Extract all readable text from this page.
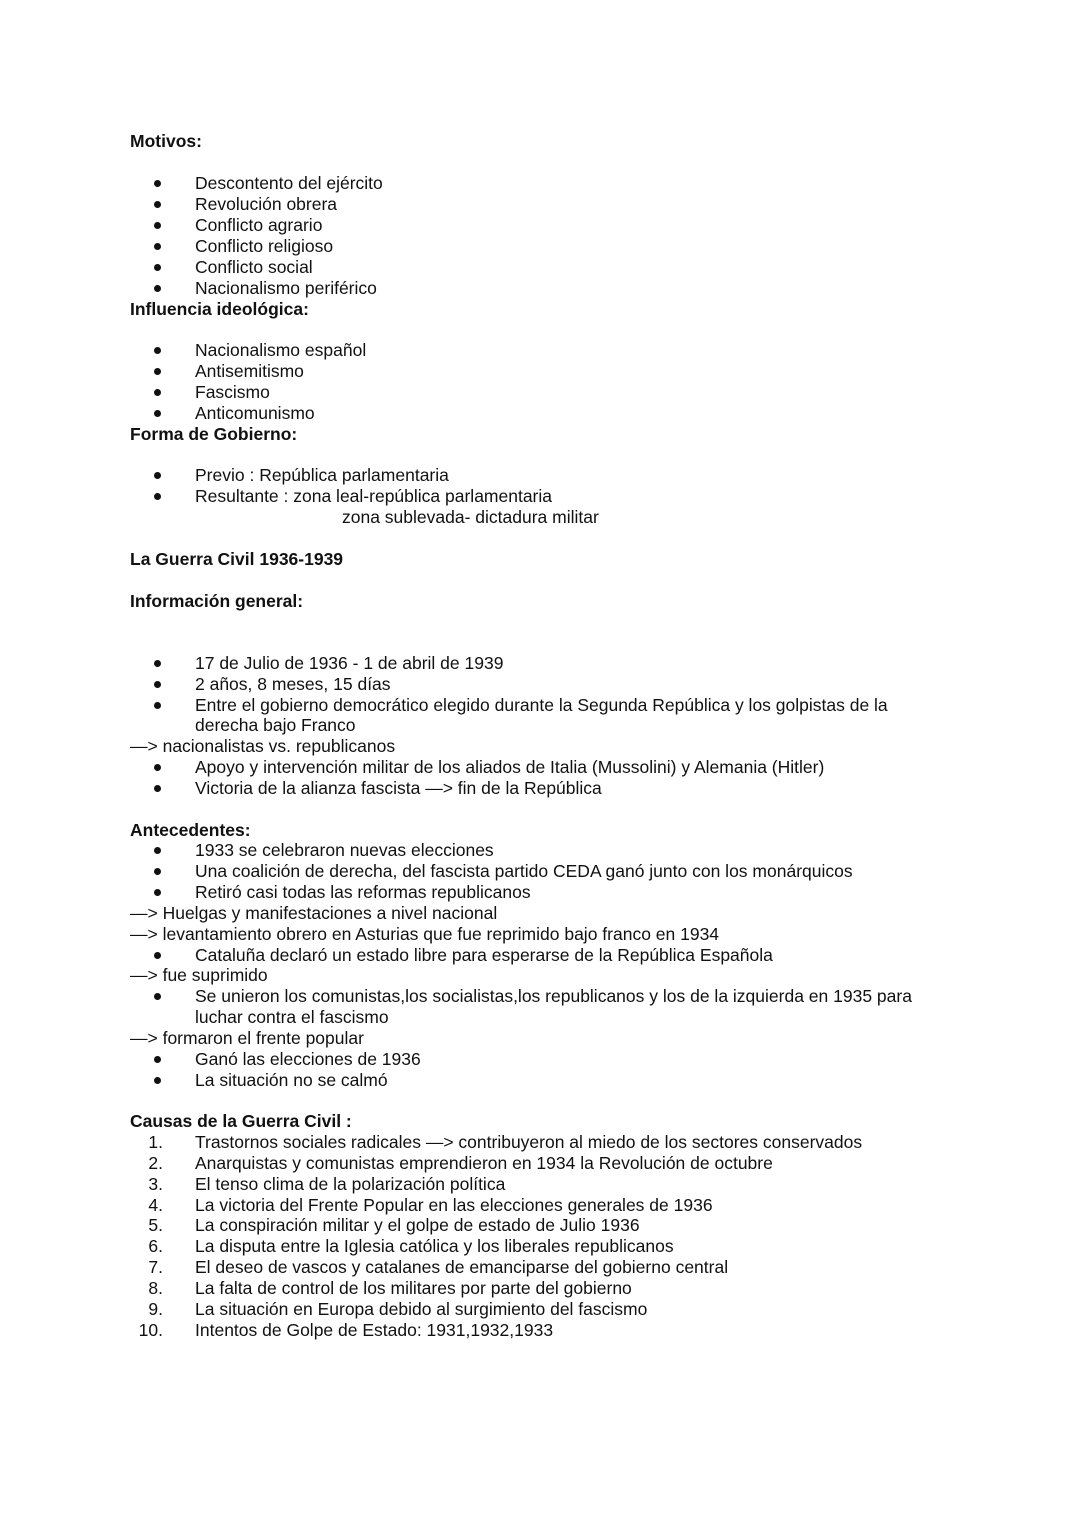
Motivos:
Descontento del ejército
Revolución obrera
Conflicto agrario
Conflicto religioso
Conflicto social
Nacionalismo periférico
Influencia ideológica:
Nacionalismo español
Antisemitismo
Fascismo
Anticomunismo
Forma de Gobierno:
Previo : República parlamentaria
Resultante : zona leal-república parlamentaria
zona sublevada- dictadura militar
La Guerra Civil 1936-1939
Información general:
17 de Julio de 1936 - 1 de abril de 1939
2 años, 8 meses, 15 días
Entre el gobierno democrático elegido durante la Segunda República y los golpistas de la
derecha bajo Franco
—> nacionalistas vs. republicanos
Apoyo y intervención militar de los aliados de Italia (Mussolini) y Alemania (Hitler)
Victoria de la alianza fascista —> fin de la República
Antecedentes:
1933 se celebraron nuevas elecciones
Una coalición de derecha, del fascista partido CEDA ganó junto con los monárquicos
Retiró casi todas las reformas republicanos
—> Huelgas y manifestaciones a nivel nacional
—> levantamiento obrero en Asturias que fue reprimido bajo franco en 1934
Cataluña declaró un estado libre para esperarse de la República Española
—> fue suprimido
Se unieron los comunistas,los socialistas,los republicanos y los de la izquierda en 1935 para
luchar contra el fascismo
—> formaron el frente popular
Ganó las elecciones de 1936
La situación no se calmó
Causas de la Guerra Civil :
1. Trastornos sociales radicales —> contribuyeron al miedo de los sectores conservados
2. Anarquistas y comunistas emprendieron en 1934 la Revolución de octubre
3. El tenso clima de la polarización política
4. La victoria del Frente Popular en las elecciones generales de 1936
5. La conspiración militar y el golpe de estado de Julio 1936
6. La disputa entre la Iglesia católica y los liberales republicanos
7. El deseo de vascos y catalanes de emanciparse del gobierno central
8. La falta de control de los militares por parte del gobierno
9. La situación en Europa debido al surgimiento del fascismo
10. Intentos de Golpe de Estado: 1931,1932,1933
